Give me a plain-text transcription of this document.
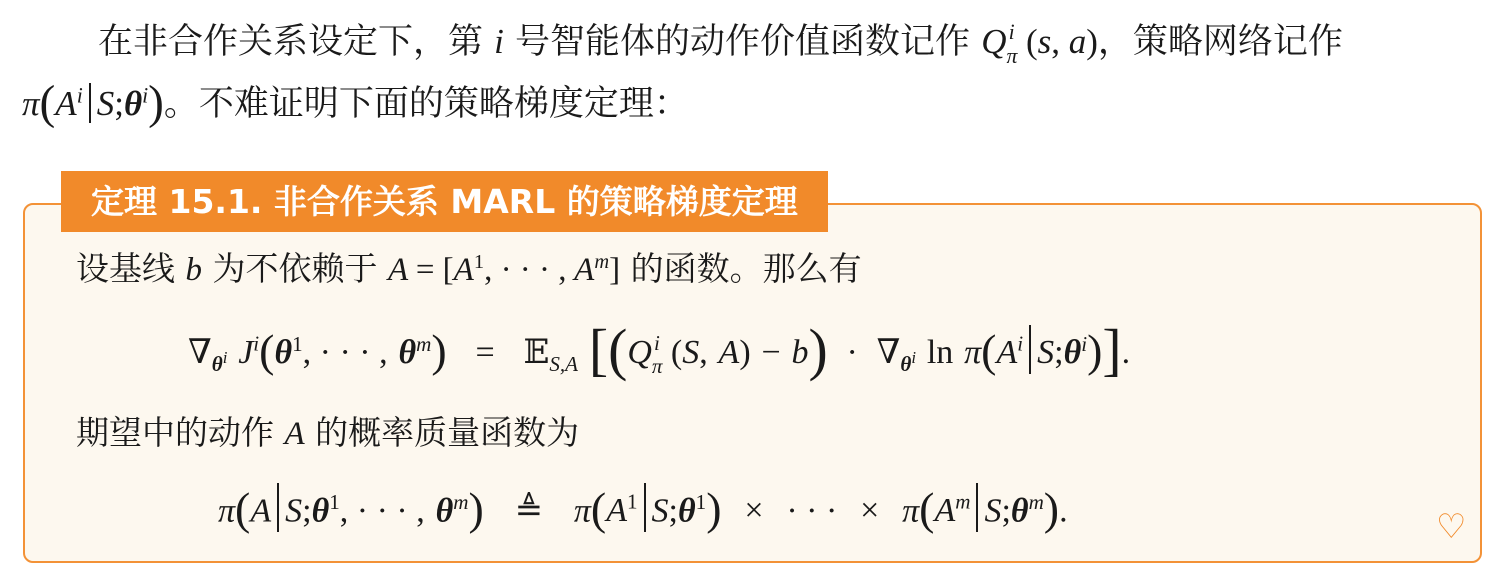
在非合作关系设定下，第 i 号智能体的动作价值函数记作 Q i
π (s, a)，策略网络记作
$\pi(A^i$ $S;\theta^i$)。不难证明下面的策略梯度定理：
定理 15.1. 非合作关系 MARL 的策略梯度定理
设基线 b 为不依赖于 $A = [A^1$, · · · , $A^m$] 的函数。那么有
$\nabla_{\theta^i}$ $J^i(\theta^1$, · · · , $\theta^m$) = 𝔼$_{S,A}$ [(Q i
π (S, $A) - b) \cdot \nabla_{\theta^i}$ $\ln \pi(A^i$ $S;\theta^i$)].
期望中的动作 A 的概率质量函数为
π(A $S;\theta^1$, · · · , $\theta^m$) ≜ $\pi(A^1$ $S;\theta^1$) × · · · × $\pi(A^m$ $S;\theta^m$).	♡
